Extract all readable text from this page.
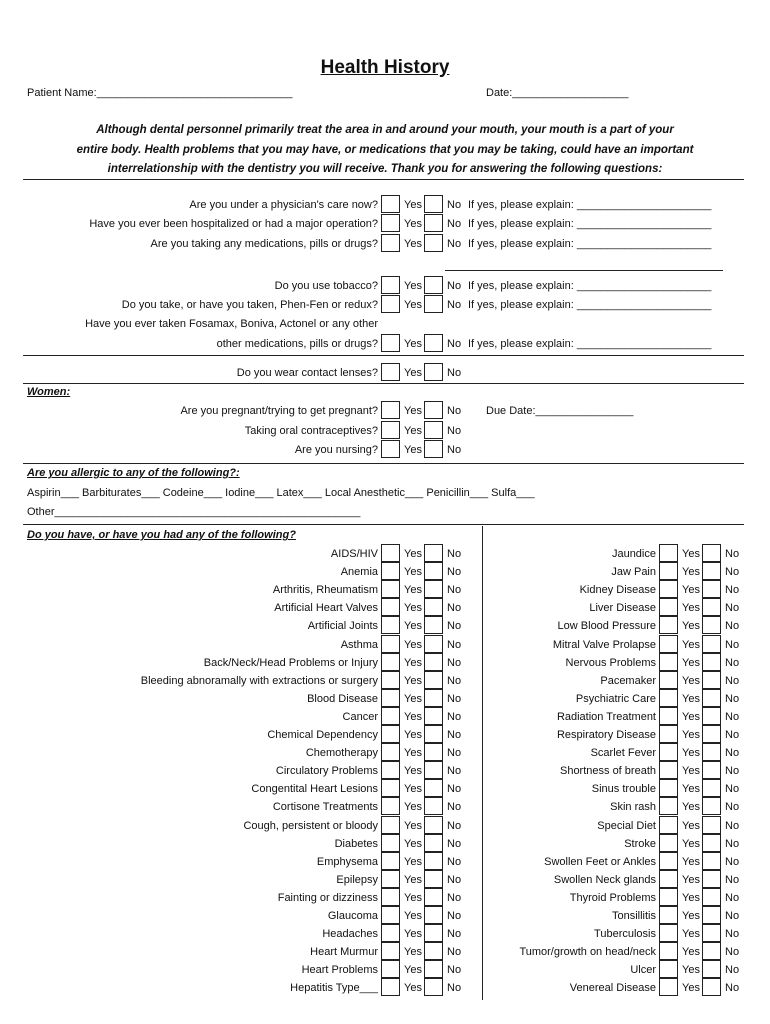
Health History
Patient Name:________________________________	Date:___________________
Although dental personnel primarily treat the area in and around your mouth, your mouth is a part of your
entire body. Health problems that you may have, or medications that you may be taking, could have an important
interrelationship with the dentistry you will receive. Thank you for answering the following questions:
Have you ever taken Fosamax, Boniva, Actonel or any other
Women:
Due Date:________________
Are you allergic to any of the following?:
Aspirin___ Barbiturates___ Codeine___ Iodine___ Latex___ Local Anesthetic___ Penicillin___ Sulfa___
Other__________________________________________________
Do you have, or have you had any of the following?
Are you under a physician's care now? Yes No If yes, please explain: ______________________
Have you ever been hospitalized or had a major operation? Yes No If yes, please explain: ______________________
Are you taking any medications, pills or drugs? Yes No If yes, please explain: ______________________
Do you use tobacco? Yes No If yes, please explain: ______________________
Do you take, or have you taken, Phen-Fen or redux? Yes No If yes, please explain: ______________________
other medications, pills or drugs? Yes No If yes, please explain: ______________________
Do you wear contact lenses? Yes No
Are you pregnant/trying to get pregnant? Yes No
Taking oral contraceptives? Yes No
Are you nursing? Yes No
AIDS/HIV Yes No
Anemia Yes No
Arthritis, Rheumatism Yes No
Artificial Heart Valves Yes No
Artificial Joints Yes No
Asthma Yes No
Back/Neck/Head Problems or Injury Yes No
Bleeding abnoramally with extractions or surgery Yes No
Blood Disease Yes No
Cancer Yes No
Chemical Dependency Yes No
Chemotherapy Yes No
Circulatory Problems Yes No
Congentital Heart Lesions Yes No
Cortisone Treatments Yes No
Cough, persistent or bloody Yes No
Diabetes Yes No
Emphysema Yes No
Epilepsy Yes No
Fainting or dizziness Yes No
Glaucoma Yes No
Headaches Yes No
Heart Murmur Yes No
Heart Problems Yes No
Hepatitis Type___ Yes No
Jaundice Yes No
Jaw Pain Yes No
Kidney Disease Yes No
Liver Disease Yes No
Low Blood Pressure Yes No
Mitral Valve Prolapse Yes No
Nervous Problems Yes No
Pacemaker Yes No
Psychiatric Care Yes No
Radiation Treatment Yes No
Respiratory Disease Yes No
Scarlet Fever Yes No
Shortness of breath Yes No
Sinus trouble Yes No
Skin rash Yes No
Special Diet Yes No
Stroke Yes No
Swollen Feet or Ankles Yes No
Swollen Neck glands Yes No
Thyroid Problems Yes No
Tonsillitis Yes No
Tuberculosis Yes No
Tumor/growth on head/neck Yes No
Ulcer Yes No
Venereal Disease Yes No
